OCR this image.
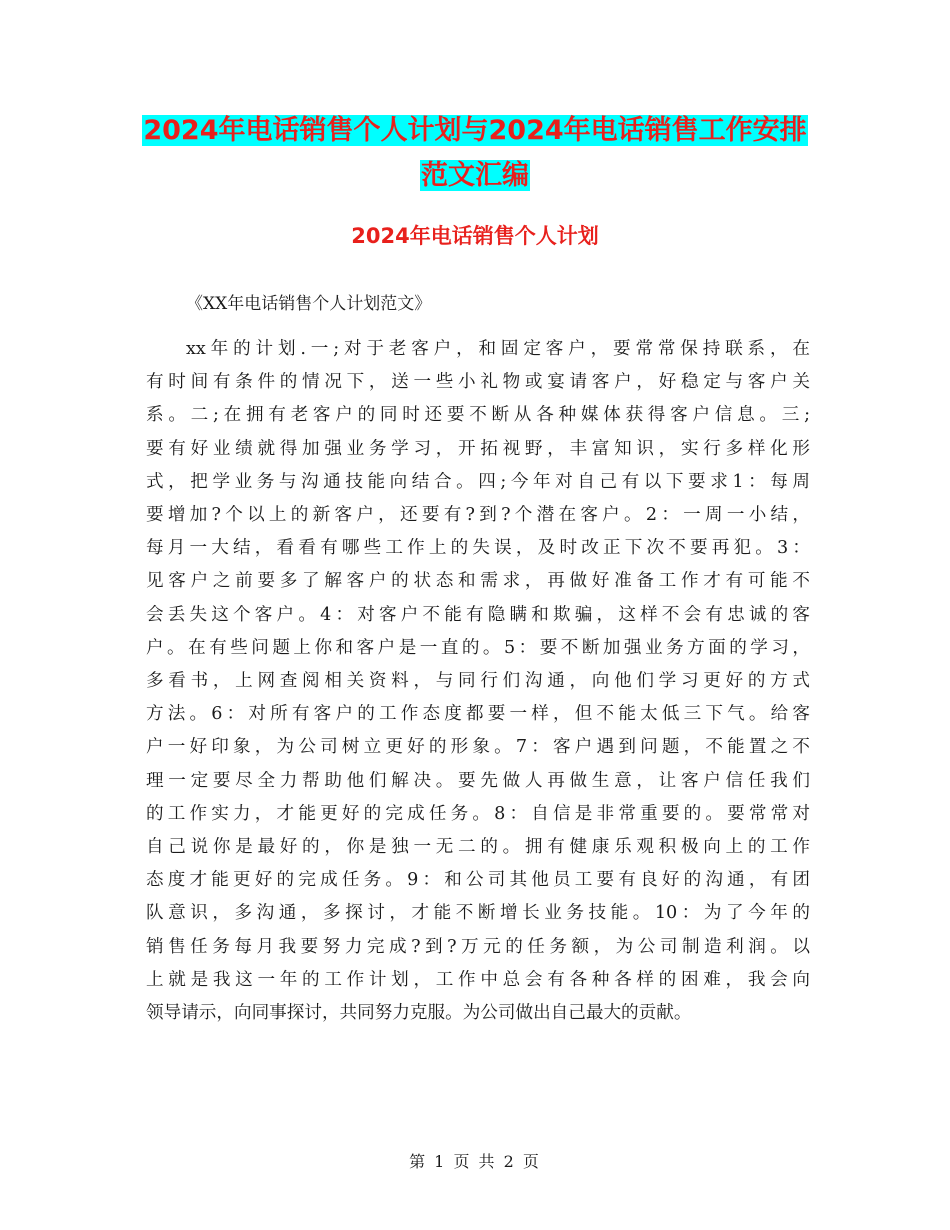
2024年电话销售个人计划与2024年电话销售工作安排
范文汇编
2024年电话销售个人计划

《XX年电话销售个人计划范文》

xx年的计划.一;对于老客户，和固定客户，要常常保持联系，在

有时间有条件的情况下，送一些小礼物或宴请客户，好稳定与客户关

系。二;在拥有老客户的同时还要不断从各种媒体获得客户信息。三;

要有好业绩就得加强业务学习，开拓视野，丰富知识，实行多样化形

式，把学业务与沟通技能向结合。四;今年对自己有以下要求1：每周

要增加?个以上的新客户，还要有?到?个潜在客户。2：一周一小结，

每月一大结，看看有哪些工作上的失误，及时改正下次不要再犯。3：

见客户之前要多了解客户的状态和需求，再做好准备工作才有可能不

会丢失这个客户。4：对客户不能有隐瞒和欺骗，这样不会有忠诚的客

户。在有些问题上你和客户是一直的。5：要不断加强业务方面的学习，

多看书，上网查阅相关资料，与同行们沟通，向他们学习更好的方式

方法。6：对所有客户的工作态度都要一样，但不能太低三下气。给客

户一好印象，为公司树立更好的形象。7：客户遇到问题，不能置之不

理一定要尽全力帮助他们解决。要先做人再做生意，让客户信任我们

的工作实力，才能更好的完成任务。8：自信是非常重要的。要常常对

自己说你是最好的，你是独一无二的。拥有健康乐观积极向上的工作

态度才能更好的完成任务。9：和公司其他员工要有良好的沟通，有团

队意识，多沟通，多探讨，才能不断增长业务技能。10：为了今年的

销售任务每月我要努力完成?到?万元的任务额，为公司制造利润。以

上就是我这一年的工作计划，工作中总会有各种各样的困难，我会向

领导请示，向同事探讨，共同努力克服。为公司做出自己最大的贡献。

第 1 页 共 2 页
